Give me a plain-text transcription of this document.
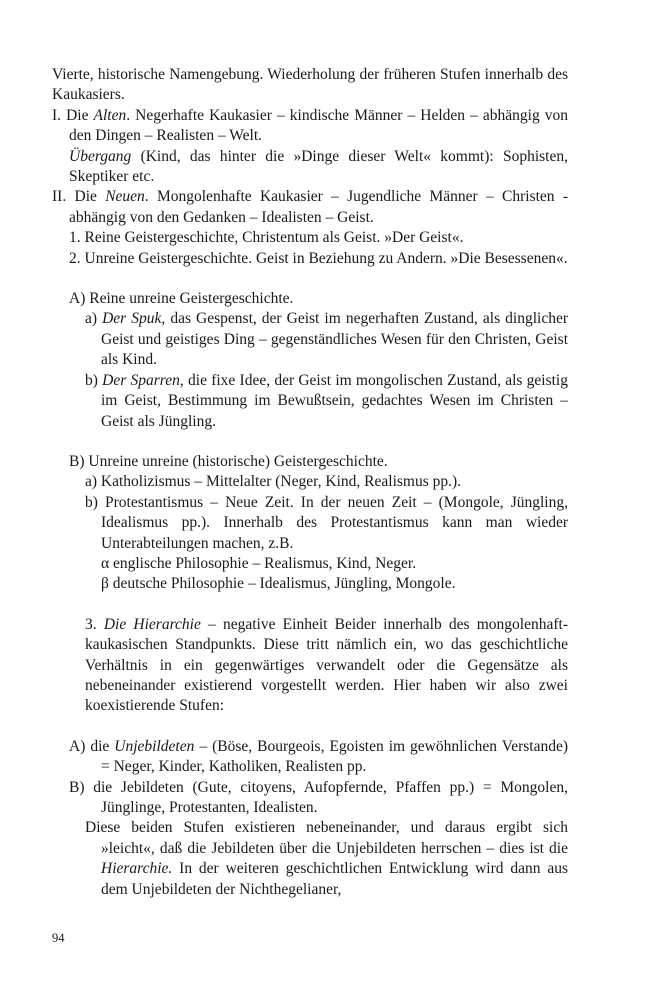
Vierte, historische Namengebung. Wiederholung der früheren Stufen innerhalb des Kaukasiers.

I. Die Alten. Negerhafte Kaukasier – kindische Männer – Helden – abhängig von den Dingen – Realisten – Welt.

Übergang (Kind, das hinter die »Dinge dieser Welt« kommt): Sophisten, Skeptiker etc.

II. Die Neuen. Mongolenhafte Kaukasier – Jugendliche Männer – Christen -abhängig von den Gedanken – Idealisten – Geist.

1. Reine Geistergeschichte, Christentum als Geist. »Der Geist«.

2. Unreine Geistergeschichte. Geist in Beziehung zu Andern. »Die Besessenen«.

A) Reine unreine Geistergeschichte.

a) Der Spuk, das Gespenst, der Geist im negerhaften Zustand, als dinglicher Geist und geistiges Ding – gegenständliches Wesen für den Christen, Geist als Kind.

b) Der Sparren, die fixe Idee, der Geist im mongolischen Zustand, als geistig im Geist, Bestimmung im Bewußtsein, gedachtes Wesen im Christen – Geist als Jüngling.

B) Unreine unreine (historische) Geistergeschichte.

a) Katholizismus – Mittelalter (Neger, Kind, Realismus pp.).

b) Protestantismus – Neue Zeit. In der neuen Zeit – (Mongole, Jüngling, Idealismus pp.). Innerhalb des Protestantismus kann man wieder Unterabteilungen machen, z.B.

α englische Philosophie – Realismus, Kind, Neger.

β deutsche Philosophie – Idealismus, Jüngling, Mongole.

3. Die Hierarchie – negative Einheit Beider innerhalb des mongolenhaft-kaukasischen Standpunkts. Diese tritt nämlich ein, wo das geschichtliche Verhältnis in ein gegenwärtiges verwandelt oder die Gegensätze als nebeneinander existierend vorgestellt werden. Hier haben wir also zwei koexistierende Stufen:

A) die Unjebildeten – (Böse, Bourgeois, Egoisten im gewöhnlichen Verstande) = Neger, Kinder, Katholiken, Realisten pp.

B) die Jebildeten (Gute, citoyens, Aufopfernde, Pfaffen pp.) = Mongolen, Jünglinge, Protestanten, Idealisten.

Diese beiden Stufen existieren nebeneinander, und daraus ergibt sich »leicht«, daß die Jebildeten über die Unjebildeten herrschen – dies ist die Hierarchie. In der weiteren geschichtlichen Entwicklung wird dann aus dem Unjebildeten der Nichthegelianer,

94
